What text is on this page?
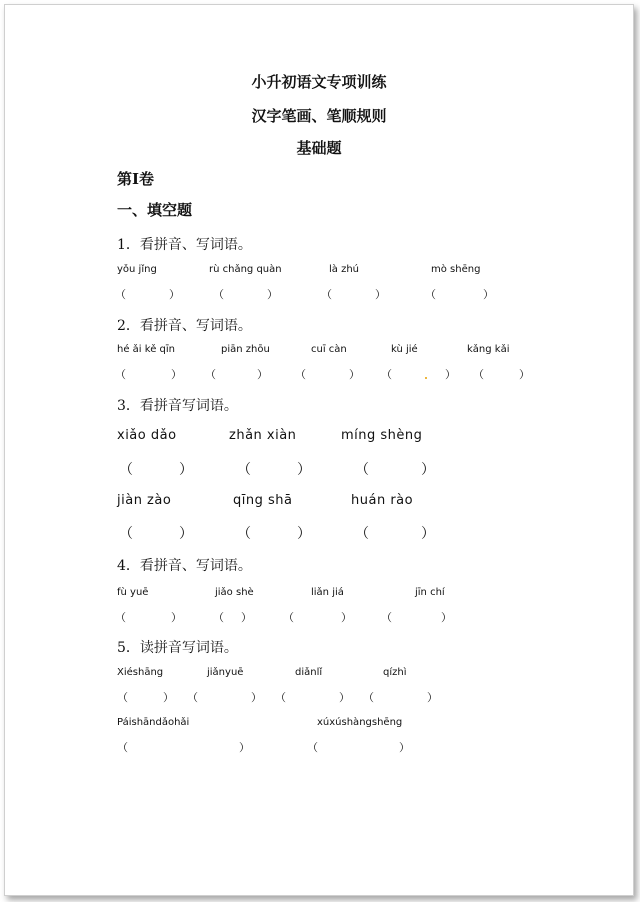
小升初语文专项训练
汉字笔画、笔顺规则
基础题
第Ⅰ卷
一、填空题
1．看拼音、写词语。
yǒu jǐng	rù chǎng quàn	là zhú	mò shēng
（	）	（	）	（	）	（	）
2．看拼音、写词语。
hé ǎi kě qīn	piān zhōu	cuī càn	kù jié	kǎng kǎi
（	） （	） （	） （	） （	）
3．看拼音写词语。
xiǎo dǎo	zhǎn xiàn	míng shèng
（	）	（	）	（	）
jiàn zào	qīng shā	huán rào
（	）	（	）	（	）
4．看拼音、写词语。
fù yuē	jiǎo shè	liǎn jiá	jīn chí
（	）	（ ）	（	）	（	）
5．读拼音写词语。
Xiéshāng	jiǎnyuē	diǎnlǐ	qízhì
（	） （	） （	） （	）
Páishāndǎohǎi	xúxúshàngshēng
（	）	（	）
